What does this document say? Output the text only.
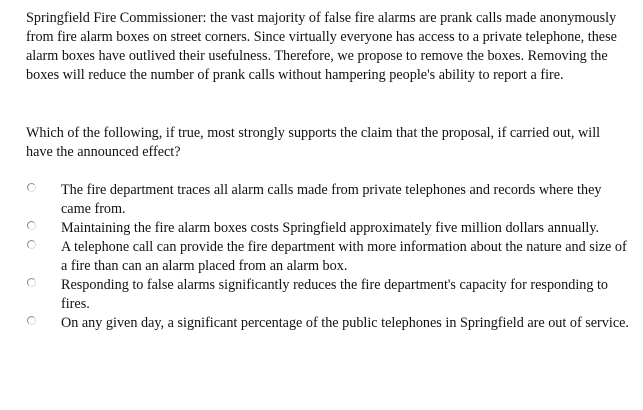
Springfield Fire Commissioner: the vast majority of false fire alarms are prank calls made anonymously from fire alarm boxes on street corners. Since virtually everyone has access to a private telephone, these alarm boxes have outlived their usefulness. Therefore, we propose to remove the boxes. Removing the boxes will reduce the number of prank calls without hampering people's ability to report a fire.

Which of the following, if true, most strongly supports the claim that the proposal, if carried out, will have the announced effect?

The fire department traces all alarm calls made from private telephones and records where they came from.
Maintaining the fire alarm boxes costs Springfield approximately five million dollars annually.
A telephone call can provide the fire department with more information about the nature and size of a fire than can an alarm placed from an alarm box.
Responding to false alarms significantly reduces the fire department's capacity for responding to fires.
On any given day, a significant percentage of the public telephones in Springfield are out of service.
